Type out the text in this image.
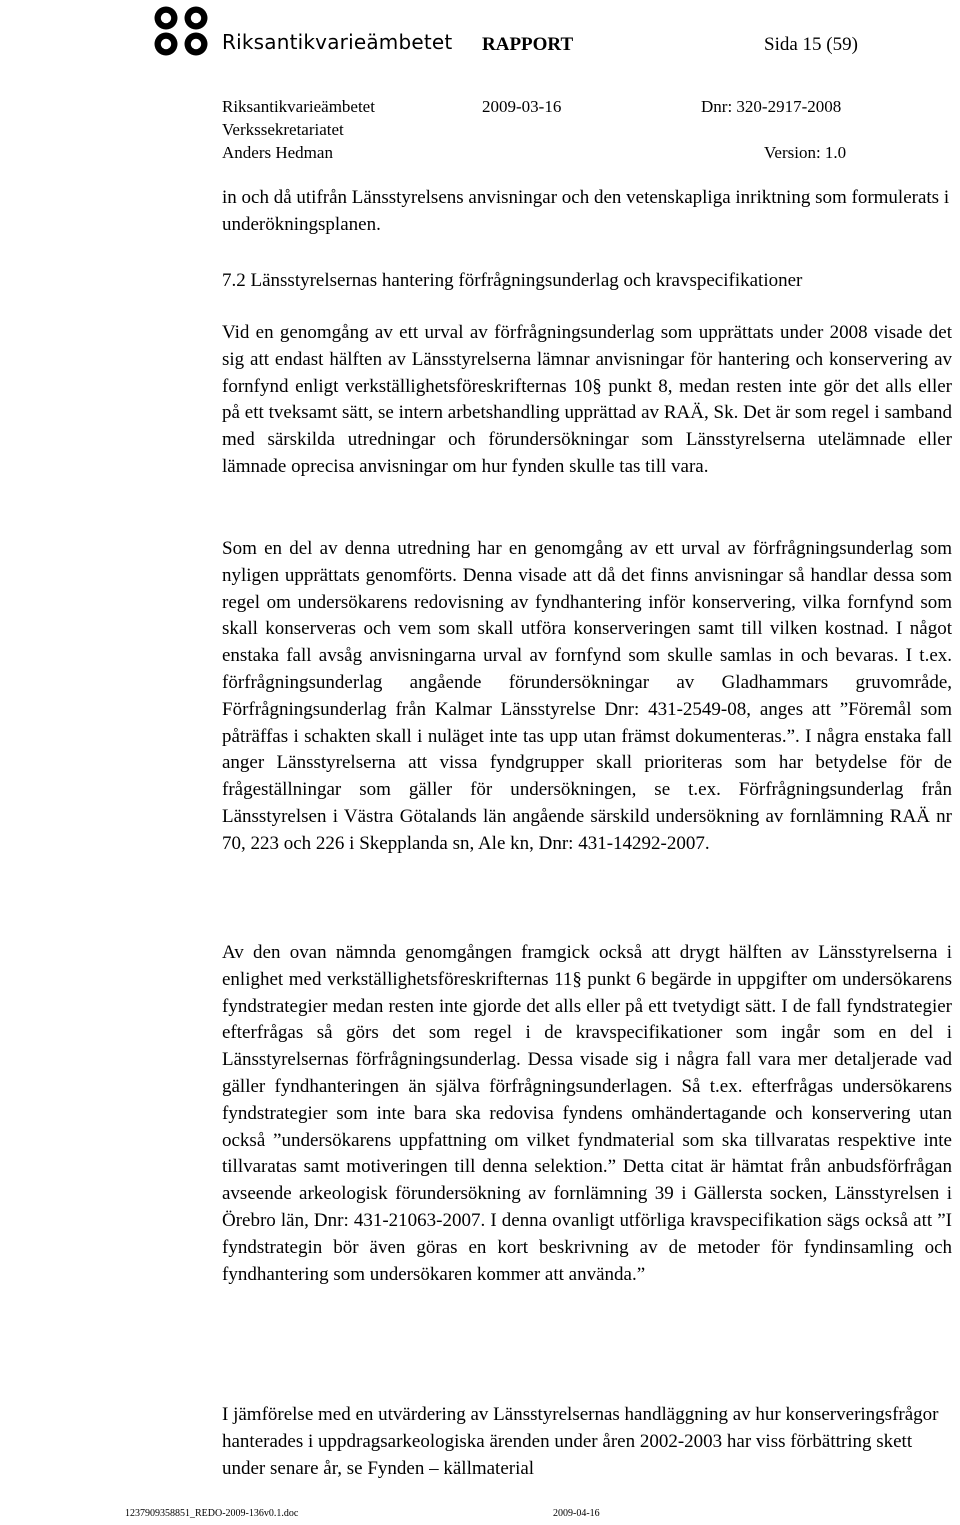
Riksantikvarieämbetet RAPPORT	Sida 15 (59)
Riksantikvarieämbetet	2009-03-16	Dnr: 320-2917-2008
Verkssekretariatet
Anders Hedman	Version: 1.0

in och då utifrån Länsstyrelsens anvisningar och den vetenskapliga inriktning som formulerats i underökningsplanen.

7.2 Länsstyrelsernas hantering förfrågningsunderlag och kravspecifikationer

Vid en genomgång av ett urval av förfrågningsunderlag som upprättats under 2008 visade det sig att endast hälften av Länsstyrelserna lämnar anvisningar för hantering och konservering av fornfynd enligt verkställighetsföreskrifternas 10§ punkt 8, medan resten inte gör det alls eller på ett tveksamt sätt, se intern arbetshandling upprättad av RAÄ, Sk. Det är som regel i samband med särskilda utredningar och förundersökningar som Länsstyrelserna utelämnade eller lämnade oprecisa anvisningar om hur fynden skulle tas till vara.

Som en del av denna utredning har en genomgång av ett urval av förfrågningsunderlag som nyligen upprättats genomförts. Denna visade att då det finns anvisningar så handlar dessa som regel om undersökarens redovisning av fyndhantering inför konservering, vilka fornfynd som skall konserveras och vem som skall utföra konserveringen samt till vilken kostnad. I något enstaka fall avsåg anvisningarna urval av fornfynd som skulle samlas in och bevaras. I t.ex. förfrågningsunderlag angående förundersökningar av Gladhammars gruvområde, Förfrågningsunderlag från Kalmar Länsstyrelse Dnr: 431-2549-08, anges att ”Föremål som påträffas i schakten skall i nuläget inte tas upp utan främst dokumenteras.”. I några enstaka fall anger Länsstyrelserna att vissa fyndgrupper skall prioriteras som har betydelse för de frågeställningar som gäller för undersökningen, se t.ex. Förfrågningsunderlag från Länsstyrelsen i Västra Götalands län angående särskild undersökning av fornlämning RAÄ nr 70, 223 och 226 i Skepplanda sn, Ale kn, Dnr: 431-14292-2007.

Av den ovan nämnda genomgången framgick också att drygt hälften av Länsstyrelserna i enlighet med verkställighetsföreskrifternas 11§ punkt 6 begärde in uppgifter om undersökarens fyndstrategier medan resten inte gjorde det alls eller på ett tvetydigt sätt. I de fall fyndstrategier efterfrågas så görs det som regel i de kravspecifikationer som ingår som en del i Länsstyrelsernas förfrågningsunderlag. Dessa visade sig i några fall vara mer detaljerade vad gäller fyndhanteringen än själva förfrågningsunderlagen. Så t.ex. efterfrågas undersökarens fyndstrategier som inte bara ska redovisa fyndens omhändertagande och konservering utan också ”undersökarens uppfattning om vilket fyndmaterial som ska tillvaratas respektive inte tillvaratas samt motiveringen till denna selektion.” Detta citat är hämtat från anbudsförfrågan avseende arkeologisk förundersökning av fornlämning 39 i Gällersta socken, Länsstyrelsen i Örebro län, Dnr: 431-21063-2007. I denna ovanligt utförliga kravspecifikation sägs också att ”I fyndstrategin bör även göras en kort beskrivning av de metoder för fyndinsamling och fyndhantering som undersökaren kommer att använda.”

I jämförelse med en utvärdering av Länsstyrelsernas handläggning av hur konserveringsfrågor hanterades i uppdragsarkeologiska ärenden under åren 2002-2003 har viss förbättring skett under senare år, se Fynden – källmaterial

1237909358851_REDO-2009-136v0.1.doc	2009-04-16
